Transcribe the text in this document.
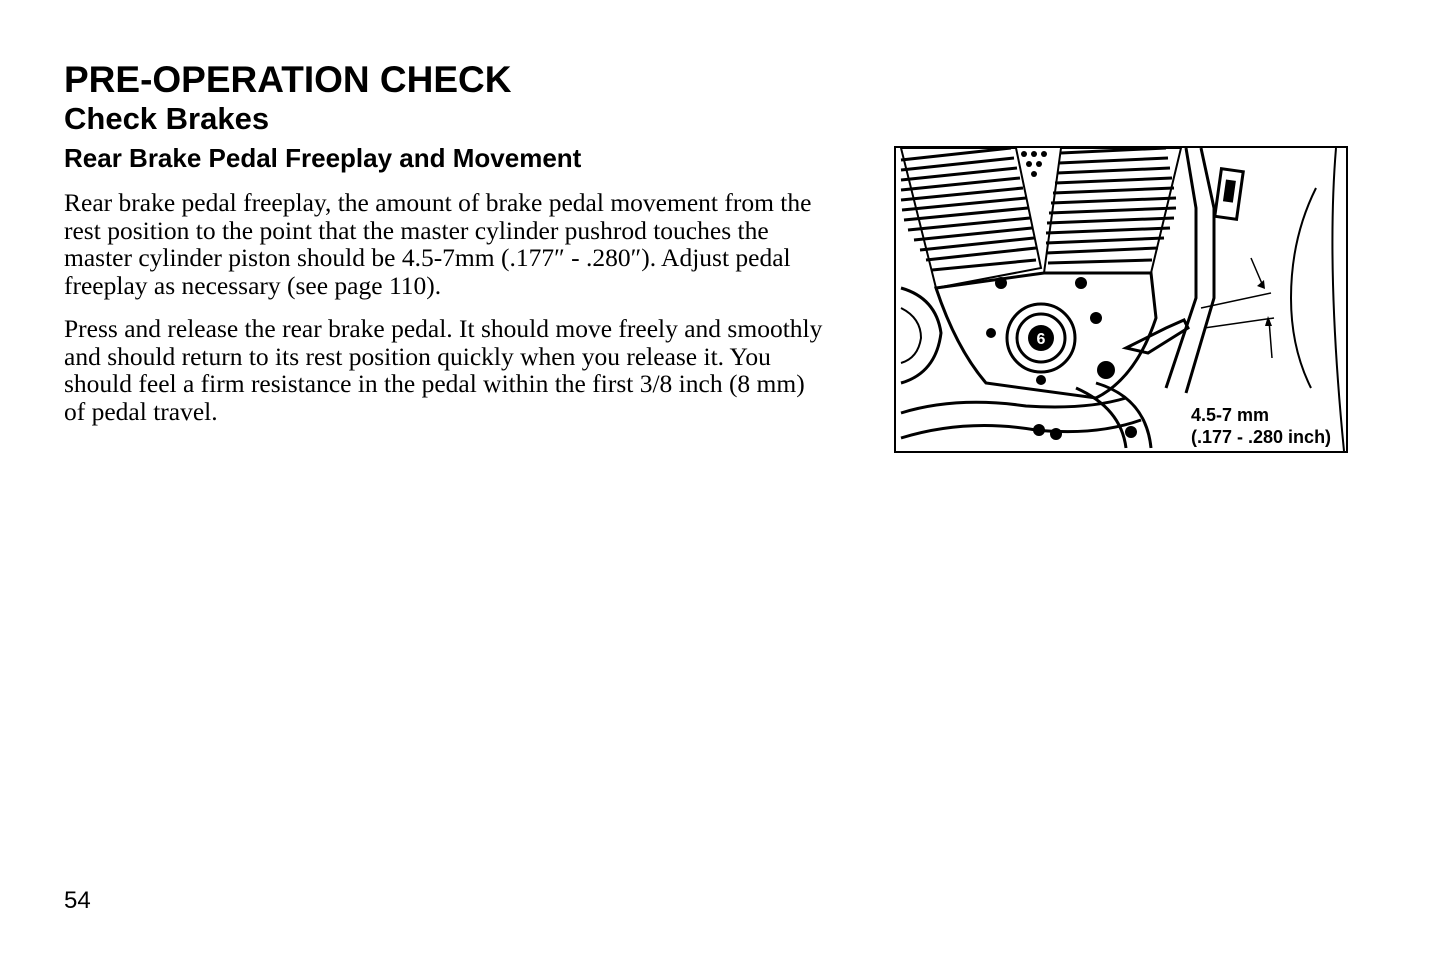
PRE-OPERATION CHECK
Check Brakes
Rear Brake Pedal Freeplay and Movement

Rear brake pedal freeplay, the amount of brake pedal movement from the rest position to the point that the master cylinder pushrod touches the master cylinder piston should be 4.5-7mm (.177″ - .280″). Adjust pedal freeplay as necessary (see page 110).

Press and release the rear brake pedal. It should move freely and smoothly and should return to its rest position quickly when you release it. You should feel a firm resistance in the pedal within the first 3/8 inch (8 mm) of pedal travel.

6
4.5-7 mm
(.177 - .280 inch)
54
